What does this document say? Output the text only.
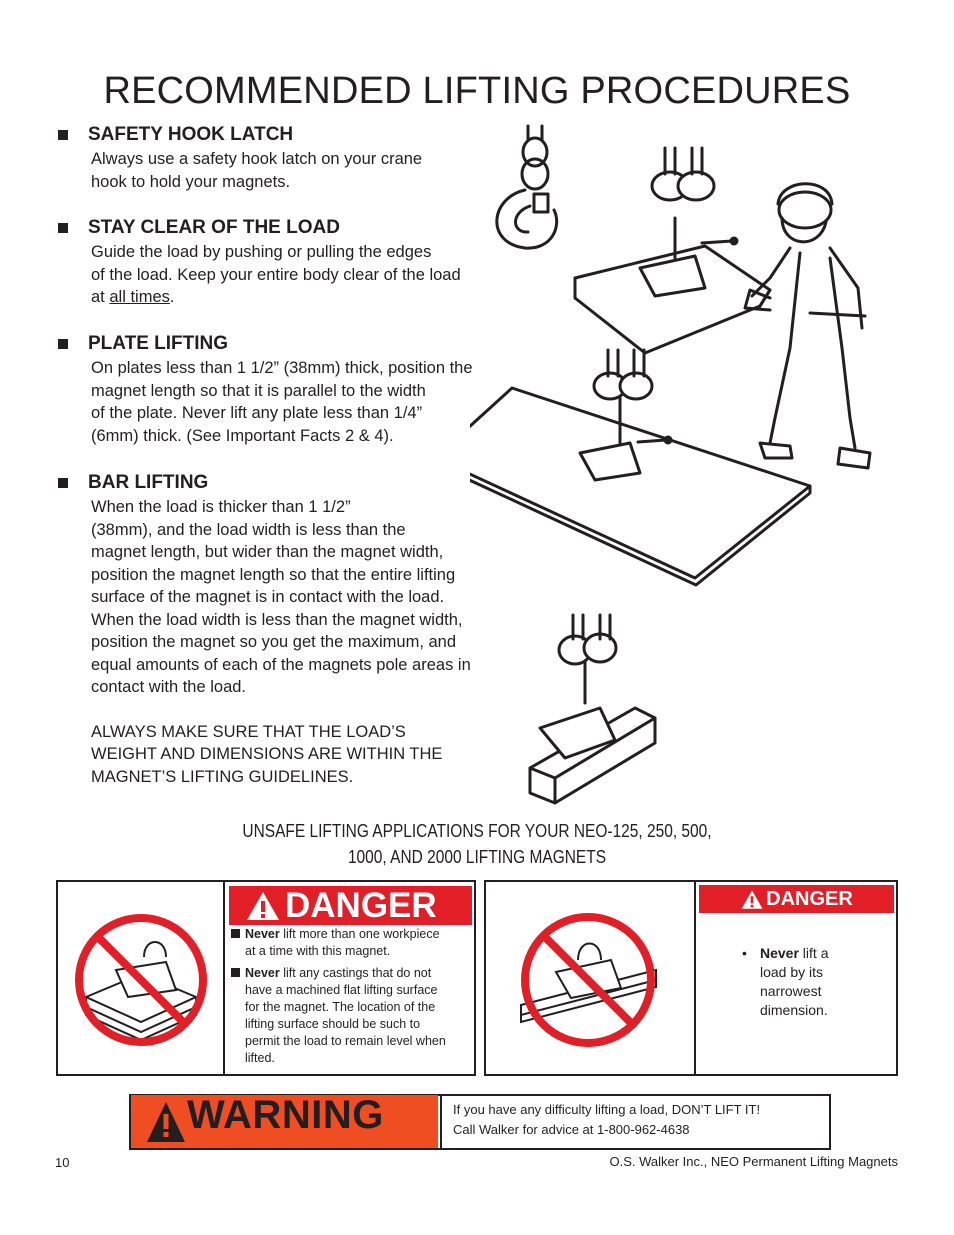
RECOMMENDED LIFTING PROCEDURES
SAFETY HOOK LATCH

Always use a safety hook latch on your crane
hook to hold your magnets.

STAY CLEAR OF THE LOAD

Guide the load by pushing or pulling the edges
of the load. Keep your entire body clear of the load
at all times.

PLATE LIFTING

On plates less than 1 1/2” (38mm) thick, position the
magnet length so that it is parallel to the width
of the plate. Never lift any plate less than 1/4”
(6mm) thick. (See Important Facts 2 & 4).

BAR LIFTING

When the load is thicker than 1 1/2”
(38mm), and the load width is less than the
magnet length, but wider than the magnet width,
position the magnet length so that the entire lifting
surface of the magnet is in contact with the load.
When the load width is less than the magnet width,
position the magnet so you get the maximum, and
equal amounts of each of the magnets pole areas in
contact with the load.

ALWAYS MAKE SURE THAT THE LOAD’S
WEIGHT AND DIMENSIONS ARE WITHIN THE
MAGNET’S LIFTING GUIDELINES.

UNSAFE LIFTING APPLICATIONS FOR YOUR NEO-125, 250, 500,
1000, AND 2000 LIFTING MAGNETS
DANGER
Never lift more than one workpiece
at a time with this magnet.
Never lift any castings that do not
have a machined flat lifting surface
for the magnet. The location of the
lifting surface should be such to
permit the load to remain level when
lifted.
DANGER
• Never lift a
load by its
narrowest
dimension.
WARNING	If you have any difficulty lifting a load, DON’T LIFT IT!
Call Walker for advice at 1-800-962-4638
10	O.S. Walker Inc., NEO Permanent Lifting Magnets
